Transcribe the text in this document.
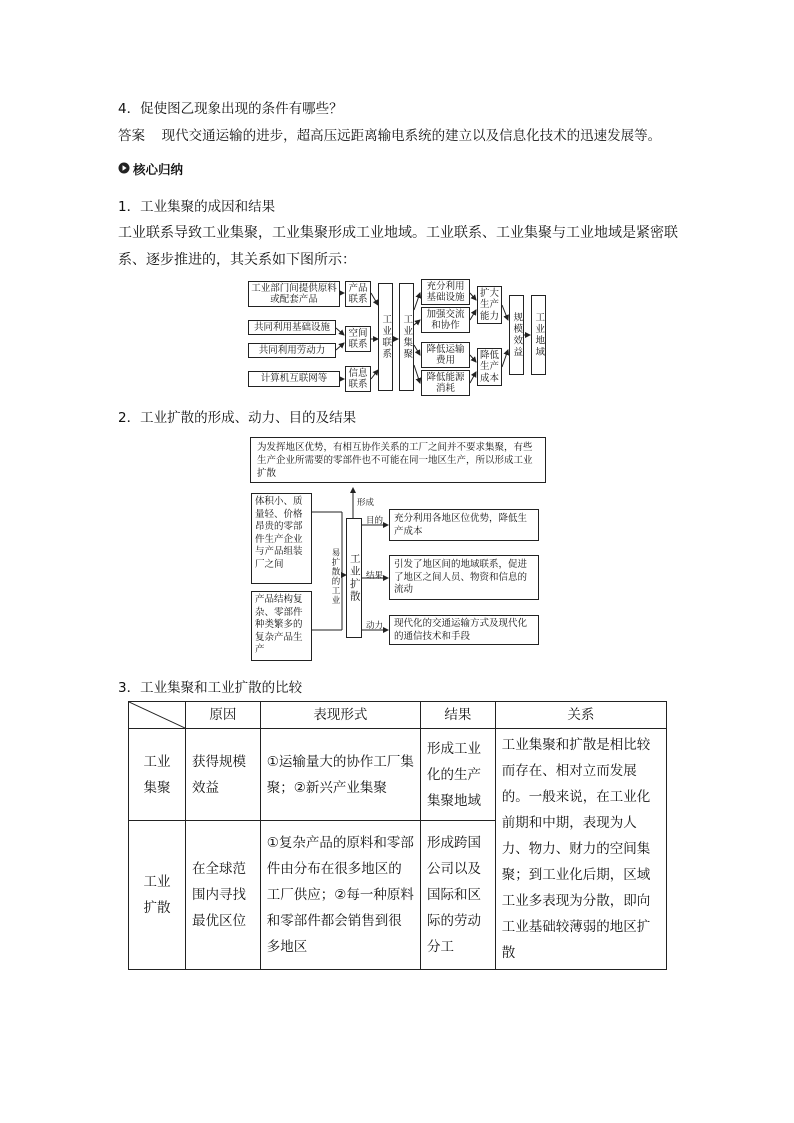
4．促使图乙现象出现的条件有哪些？
答案 现代交通运输的进步，超高压远距离输电系统的建立以及信息化技术的迅速发展等。
核心归纳
1．工业集聚的成因和结果
工业联系导致工业集聚，工业集聚形成工业地域。工业联系、工业集聚与工业地域是紧密联
系、逐步推进的，其关系如下图所示：
工业部门间提供原料或配套产品
共同利用基础设施
共同利用劳动力
计算机互联网等
产品联系
空间联系
信息联系
工业联系 工业集聚
充分利用基础设施
加强交流和协作
降低运输费用
降低能源消耗
扩大生产能力
降低生产成本
规模效益 工业地域
2．工业扩散的形成、动力、目的及结果
为发挥地区优势，有相互协作关系的工厂之间并不要求集聚，有些生产企业所需要的零部件也不可能在同一地区生产，所以形成工业扩散
体积小、质量轻、价格昂贵的零部件生产企业与产品组装厂之间
产品结构复杂、零部件种类繁多的复杂产品生产
易扩散的工业 工业扩散
形成
目的
结果
动力
充分利用各地区位优势，降低生产成本
引发了地区间的地域联系，促进了地区之间人员、物资和信息的流动
现代化的交通运输方式及现代化的通信技术和手段
3．工业集聚和工业扩散的比较
	原因	表现形式	结果	关系
工业集聚	获得规模效益	①运输量大的协作工厂集聚；②新兴产业集聚	形成工业化的生产集聚地域	工业集聚和扩散是相比较而存在、相对立而发展的。一般来说，在工业化前期和中期，表现为人力、物力、财力的空间集聚；到工业化后期，区域工业多表现为分散，即向工业基础较薄弱的地区扩散
工业扩散	在全球范围内寻找最优区位	①复杂产品的原料和零部件由分布在很多地区的工厂供应；②每一种原料和零部件都会销售到很多地区	形成跨国公司以及国际和区际的劳动分工	
